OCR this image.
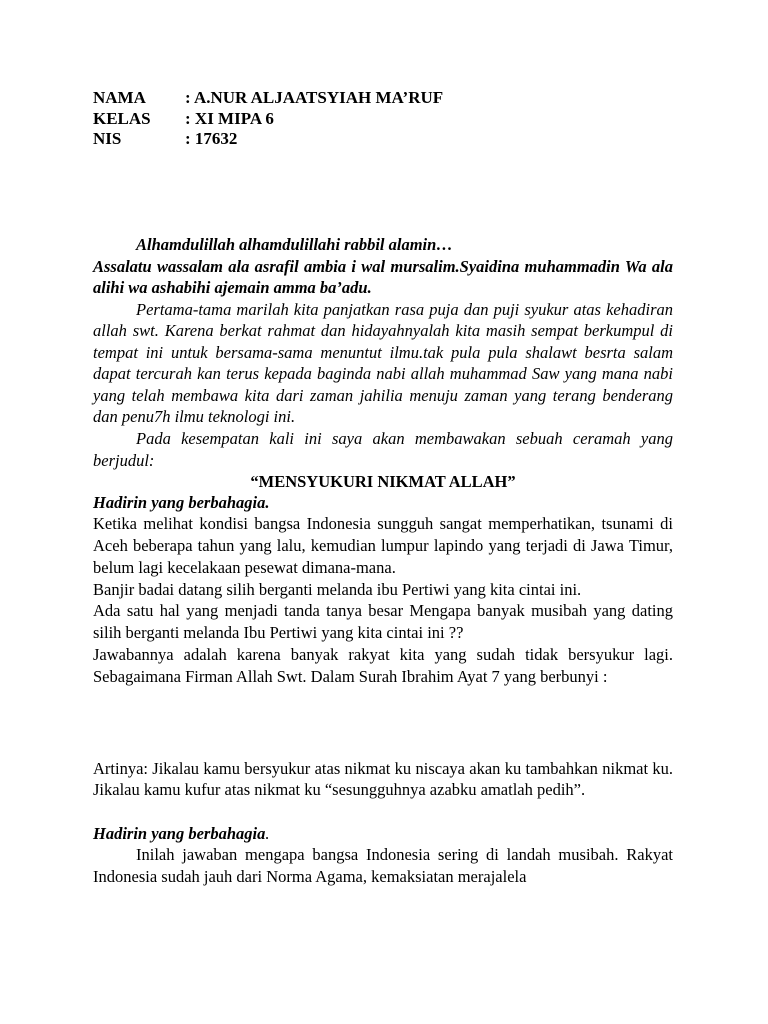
NAMA	: A.NUR ALJAATSYIAH MA’RUF
KELAS	: XI MIPA 6
NIS	: 17632

Alhamdulillah alhamdulillahi rabbil alamin…

Assalatu wassalam ala asrafil ambia i wal mursalim.Syaidina muhammadin Wa ala alihi wa ashabihi ajemain amma ba’adu.

Pertama-tama marilah kita panjatkan rasa puja dan puji syukur atas kehadiran allah swt. Karena berkat rahmat dan hidayahnyalah kita masih sempat berkumpul di tempat ini untuk bersama-sama menuntut ilmu.tak pula pula shalawt besrta salam dapat tercurah kan terus kepada baginda nabi allah muhammad Saw yang mana nabi yang telah membawa kita dari zaman jahilia menuju zaman yang terang benderang dan penu7h ilmu teknologi ini.

Pada kesempatan kali ini saya akan membawakan sebuah ceramah yang berjudul:

“MENSYUKURI NIKMAT ALLAH”

Hadirin yang berbahagia.

Ketika melihat kondisi bangsa Indonesia sungguh sangat memperhatikan, tsunami di Aceh beberapa tahun yang lalu, kemudian lumpur lapindo yang terjadi di Jawa Timur, belum lagi kecelakaan pesewat dimana-mana.

Banjir badai datang silih berganti melanda ibu Pertiwi yang kita cintai ini.

Ada satu hal yang menjadi tanda tanya besar Mengapa banyak musibah yang dating silih berganti melanda Ibu Pertiwi yang kita cintai ini ??

Jawabannya adalah karena banyak rakyat kita yang sudah tidak bersyukur lagi. Sebagaimana Firman Allah Swt. Dalam Surah Ibrahim Ayat 7 yang berbunyi :

Artinya: Jikalau kamu bersyukur atas nikmat ku niscaya akan ku tambahkan nikmat ku. Jikalau kamu kufur atas nikmat ku “sesungguhnya azabku amatlah pedih”.

Hadirin yang berbahagia.

Inilah jawaban mengapa bangsa Indonesia sering di landah musibah. Rakyat Indonesia sudah jauh dari Norma Agama, kemaksiatan merajalela
